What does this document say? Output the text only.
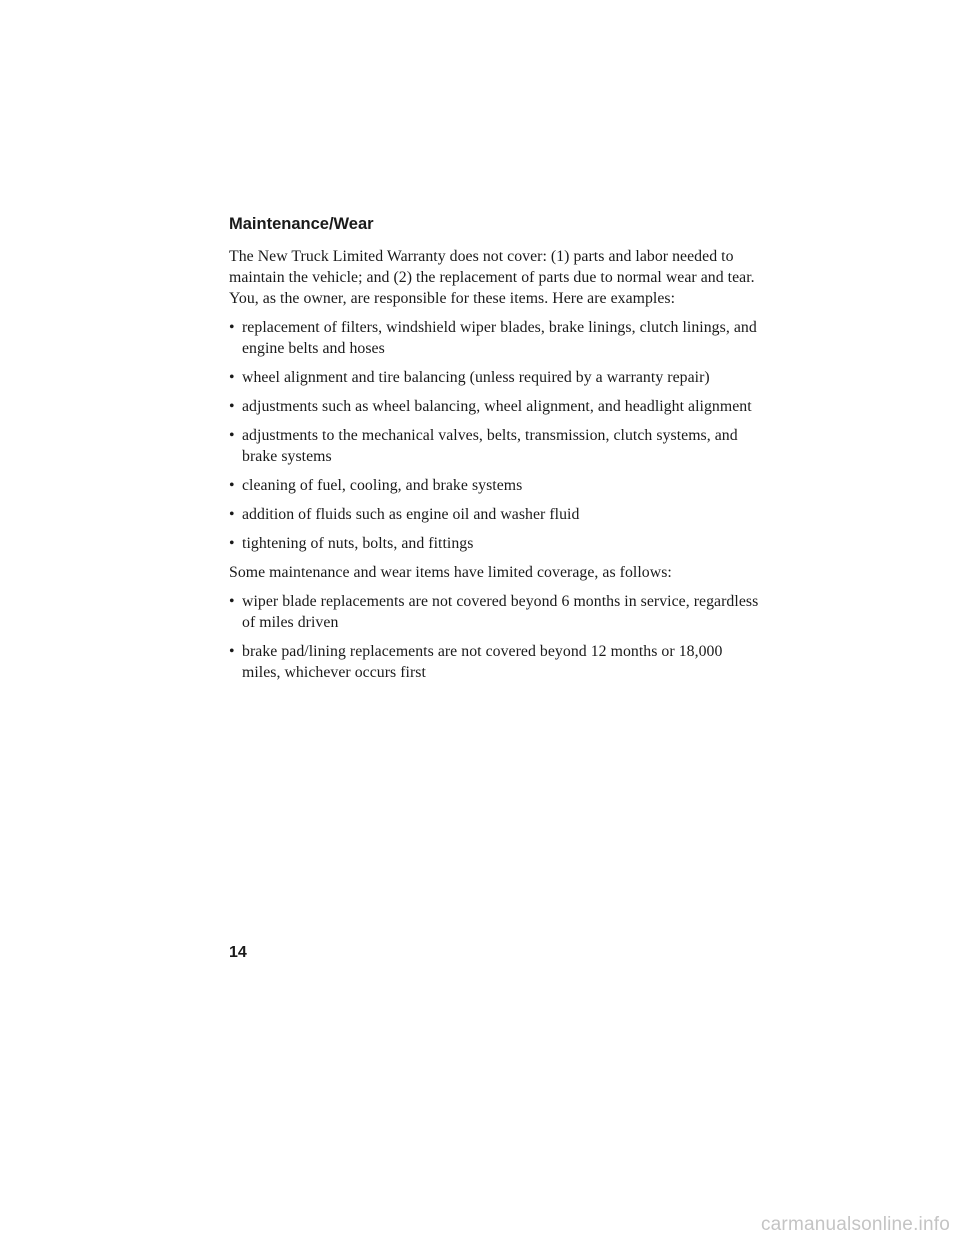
Maintenance/Wear

The New Truck Limited Warranty does not cover: (1) parts and labor needed to maintain the vehicle; and (2) the replacement of parts due to normal wear and tear. You, as the owner, are responsible for these items. Here are examples:

• replacement of filters, windshield wiper blades, brake linings, clutch linings, and engine belts and hoses
• wheel alignment and tire balancing (unless required by a warranty repair)
• adjustments such as wheel balancing, wheel alignment, and headlight alignment
• adjustments to the mechanical valves, belts, transmission, clutch systems, and brake systems
• cleaning of fuel, cooling, and brake systems
• addition of fluids such as engine oil and washer fluid
• tightening of nuts, bolts, and fittings

Some maintenance and wear items have limited coverage, as follows:

• wiper blade replacements are not covered beyond 6 months in service, regardless of miles driven
• brake pad/lining replacements are not covered beyond 12 months or 18,000 miles, whichever occurs first
14
carmanualsonline.info
